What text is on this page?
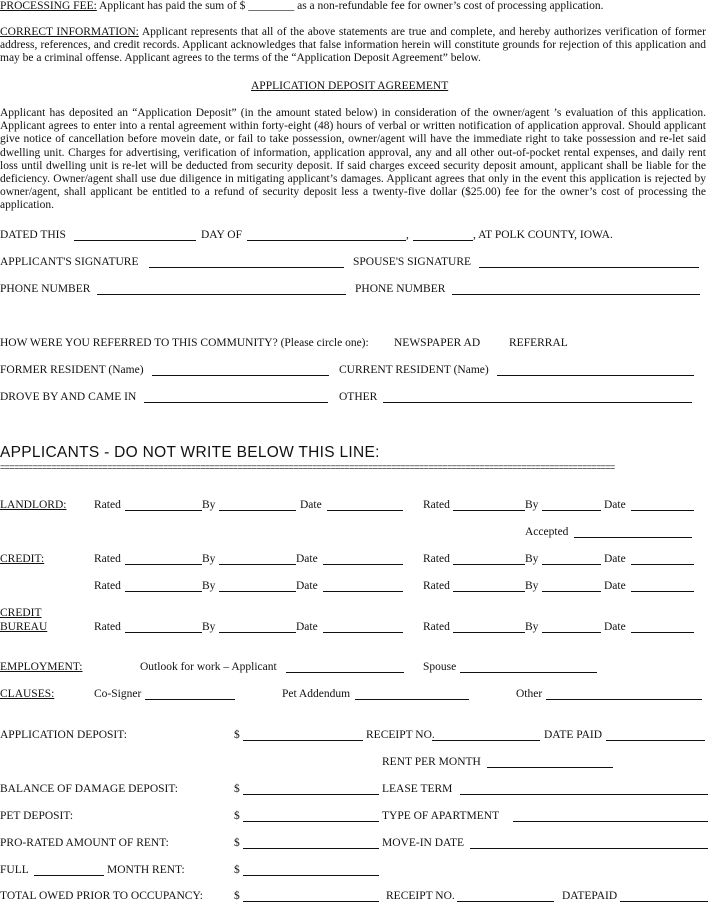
PROCESSING FEE: Applicant has paid the sum of $ ________ as a non-refundable fee for owner’s cost of processing application.
CORRECT INFORMATION: Applicant represents that all of the above statements are true and complete, and hereby authorizes verification of former address, references, and credit records. Applicant acknowledges that false information herein will constitute grounds for rejection of this application and may be a criminal offense. Applicant agrees to the terms of the “Application Deposit Agreement” below.
APPLICATION DEPOSIT AGREEMENT
Applicant has deposited an “Application Deposit” (in the amount stated below) in consideration of the owner/agent ’s evaluation of this application. Applicant agrees to enter into a rental agreement within forty-eight (48) hours of verbal or written notification of application approval. Should applicant give notice of cancellation before movein date, or fail to take possession, owner/agent will have the immediate right to take possession and re-let said dwelling unit. Charges for advertising, verification of information, application approval, any and all other out-of-pocket rental expenses, and daily rent loss until dwelling unit is re-let will be deducted from security deposit. If said charges exceed security deposit amount, applicant shall be liable for the deficiency. Owner/agent shall use due diligence in mitigating applicant’s damages. Applicant agrees that only in the event this application is rejected by owner/agent, shall applicant be entitled to a refund of security deposit less a twenty-five dollar ($25.00) fee for the owner’s cost of processing the application.
DATED THIS	DAY OF	,	, AT POLK COUNTY, IOWA.
APPLICANT'S SIGNATURE	SPOUSE'S SIGNATURE
PHONE NUMBER	PHONE NUMBER
HOW WERE YOU REFERRED TO THIS COMMUNITY? (Please circle one): NEWSPAPER AD	REFERRAL
FORMER RESIDENT (Name)	CURRENT RESIDENT (Name)
DROVE BY AND CAME IN	OTHER
APPLICANTS - DO NOT WRITE BELOW THIS LINE:
====================================================================================================================================
LANDLORD: Rated	By	Date	Rated	By	Date
Accepted
CREDIT:	Rated	By	Date	Rated	By	Date
Rated	By	Date	Rated	By	Date
CREDIT
BUREAU	Rated	By	Date	Rated	By	Date
EMPLOYMENT:	Outlook for work – Applicant	Spouse
CLAUSES:	Co-Signer	Pet Addendum	Other
APPLICATION DEPOSIT:	$	RECEIPT NO.	DATE PAID
RENT PER MONTH
BALANCE OF DAMAGE DEPOSIT:	$	LEASE TERM
PET DEPOSIT:	$	TYPE OF APARTMENT
PRO-RATED AMOUNT OF RENT:	$	MOVE-IN DATE
FULL	MONTH RENT:	$
TOTAL OWED PRIOR TO OCCUPANCY:	$	RECEIPT NO.	DATEPAID
